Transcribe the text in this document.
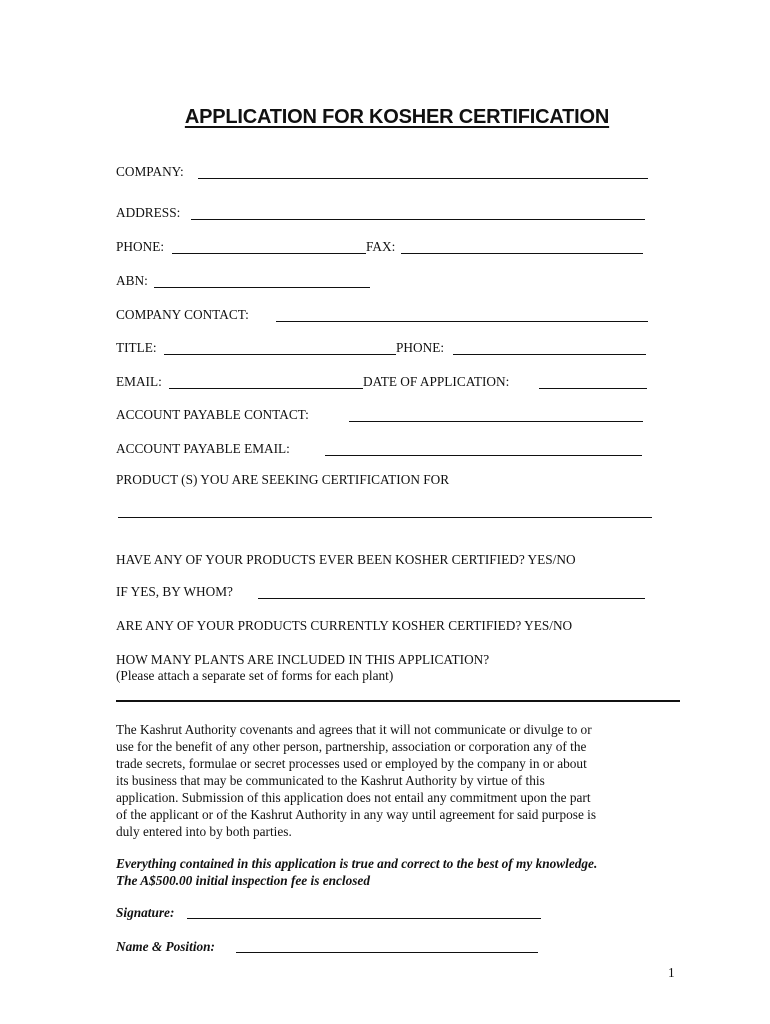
APPLICATION FOR KOSHER CERTIFICATION
COMPANY:
ADDRESS:
PHONE:	FAX:
ABN:
COMPANY CONTACT:
TITLE:	PHONE:
EMAIL:	DATE OF APPLICATION:
ACCOUNT PAYABLE CONTACT:
ACCOUNT PAYABLE EMAIL:
PRODUCT (S) YOU ARE SEEKING CERTIFICATION FOR
HAVE ANY OF YOUR PRODUCTS EVER BEEN KOSHER CERTIFIED? YES/NO
IF YES, BY WHOM?
ARE ANY OF YOUR PRODUCTS CURRENTLY KOSHER CERTIFIED? YES/NO
HOW MANY PLANTS ARE INCLUDED IN THIS APPLICATION?
(Please attach a separate set of forms for each plant)
The Kashrut Authority covenants and agrees that it will not communicate or divulge to or
use for the benefit of any other person, partnership, association or corporation any of the
trade secrets, formulae or secret processes used or employed by the company in or about
its business that may be communicated to the Kashrut Authority by virtue of this
application. Submission of this application does not entail any commitment upon the part
of the applicant or of the Kashrut Authority in any way until agreement for said purpose is
duly entered into by both parties.
Everything contained in this application is true and correct to the best of my knowledge.
The A$500.00 initial inspection fee is enclosed
Signature:
Name & Position:
1
